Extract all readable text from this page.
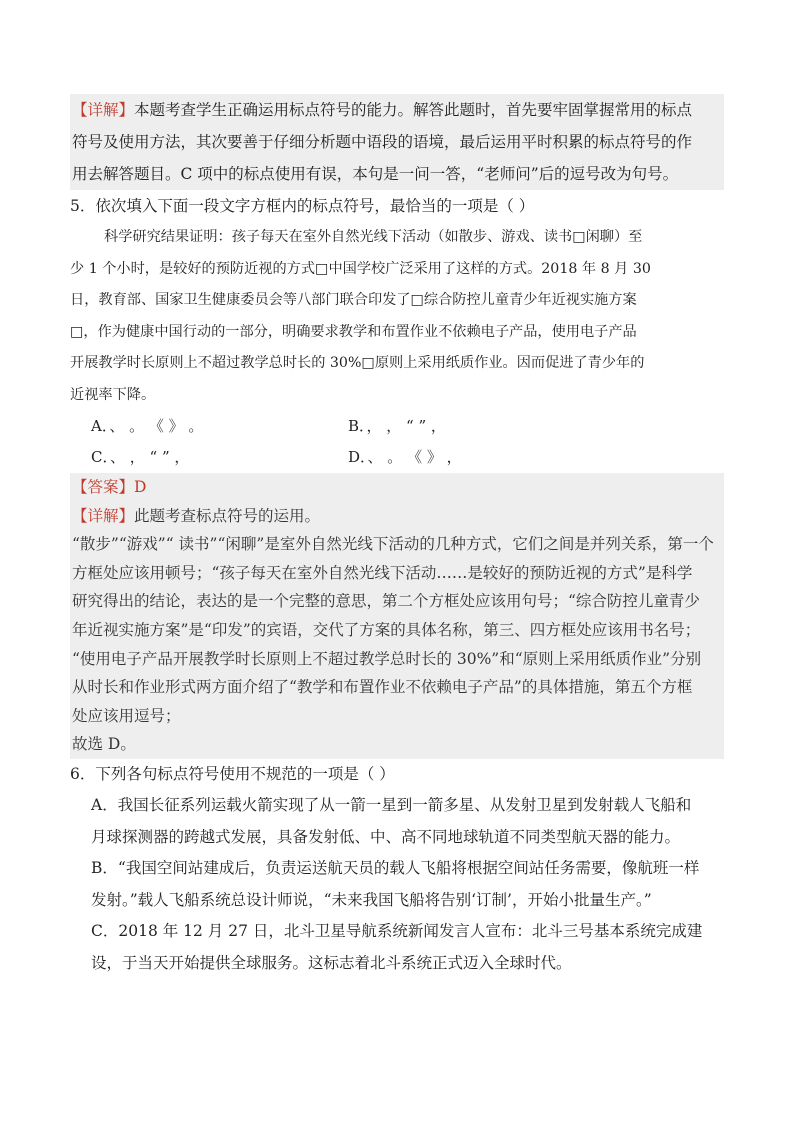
【详解】本题考查学生正确运用标点符号的能力。解答此题时，首先要牢固掌握常用的标点
符号及使用方法，其次要善于仔细分析题中语段的语境，最后运用平时积累的标点符号的作
用去解答题目。C 项中的标点使用有误，本句是一问一答，“老师问”后的逗号改为句号。
5．依次填入下面一段文字方框内的标点符号，最恰当的一项是（ ）
科学研究结果证明：孩子每天在室外自然光线下活动（如散步、游戏、读书□闲聊）至
少 1 个小时，是较好的预防近视的方式□中国学校广泛采用了这样的方式。2018 年 8 月 30
日，教育部、国家卫生健康委员会等八部门联合印发了□综合防控儿童青少年近视实施方案
□，作为健康中国行动的一部分，明确要求教学和布置作业不依赖电子产品，使用电子产品
开展教学时长原则上不超过教学总时长的 30%□原则上采用纸质作业。因而促进了青少年的
近视率下降。
A．、 。 《 》 。	B．， ， “ ” ，
C．、 ， “ ” ，	D．、 。 《 》 ，
【答案】D
【详解】此题考查标点符号的运用。
“散步”“游戏”“ 读书”“闲聊”是室外自然光线下活动的几种方式，它们之间是并列关系，第一个
方框处应该用顿号；“孩子每天在室外自然光线下活动……是较好的预防近视的方式”是科学
研究得出的结论，表达的是一个完整的意思，第二个方框处应该用句号；“综合防控儿童青少
年近视实施方案”是“印发”的宾语，交代了方案的具体名称，第三、四方框处应该用书名号；
“使用电子产品开展教学时长原则上不超过教学总时长的 30%”和“原则上采用纸质作业”分别
从时长和作业形式两方面介绍了“教学和布置作业不依赖电子产品”的具体措施，第五个方框
处应该用逗号；
故选 D。
6．下列各句标点符号使用不规范的一项是（ ）
A．我国长征系列运载火箭实现了从一箭一星到一箭多星、从发射卫星到发射载人飞船和
月球探测器的跨越式发展，具备发射低、中、高不同地球轨道不同类型航天器的能力。
B．“我国空间站建成后，负责运送航天员的载人飞船将根据空间站任务需要，像航班一样
发射。”载人飞船系统总设计师说，“未来我国飞船将告别‘订制’，开始小批量生产。”
C．2018 年 12 月 27 日，北斗卫星导航系统新闻发言人宣布：北斗三号基本系统完成建
设，于当天开始提供全球服务。这标志着北斗系统正式迈入全球时代。
